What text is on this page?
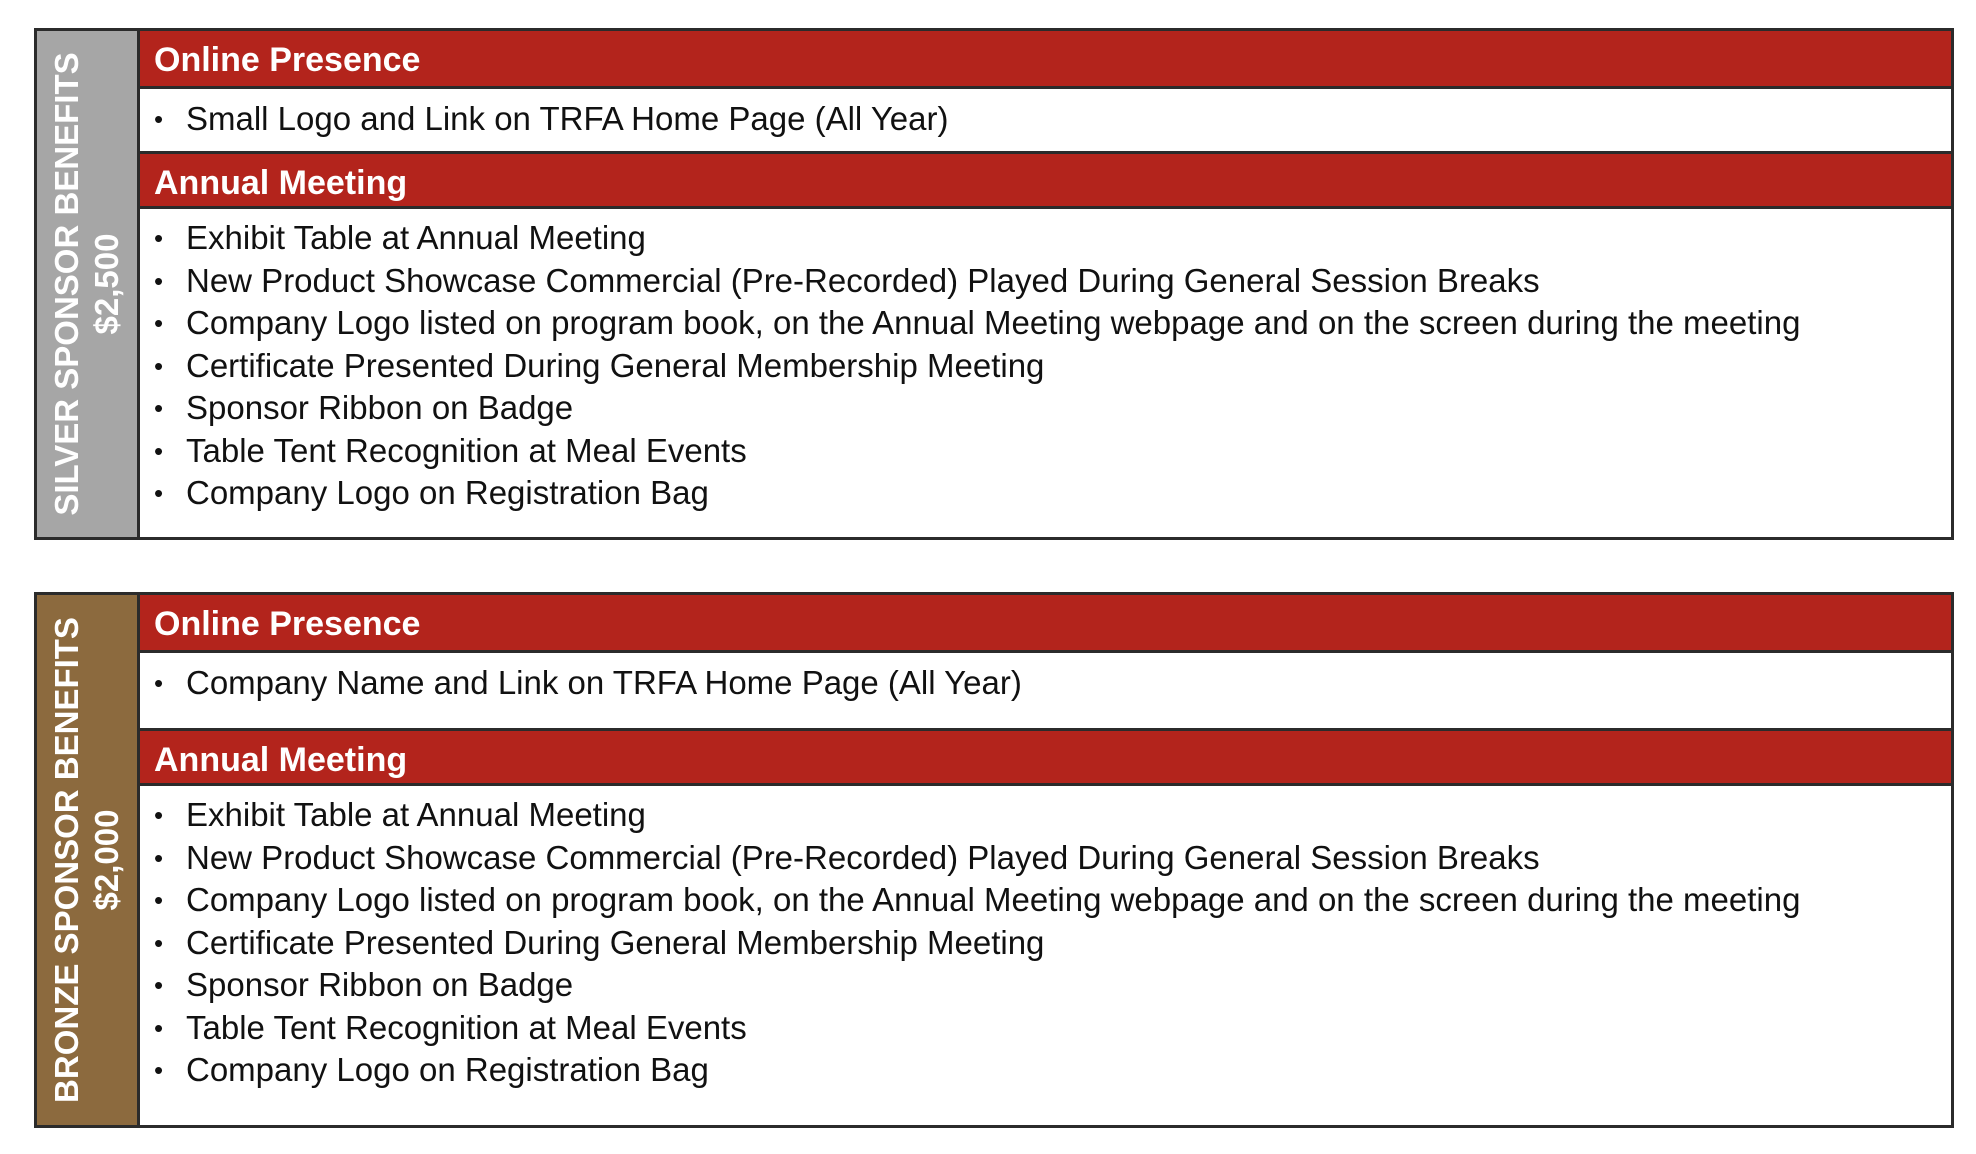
SILVER SPONSOR BENEFITS $2,500
Online Presence
• Small Logo and Link on TRFA Home Page (All Year)
Annual Meeting
• Exhibit Table at Annual Meeting
• New Product Showcase Commercial (Pre-Recorded) Played During General Session Breaks
• Company Logo listed on program book, on the Annual Meeting webpage and on the screen during the meeting
• Certificate Presented During General Membership Meeting
• Sponsor Ribbon on Badge
• Table Tent Recognition at Meal Events
• Company Logo on Registration Bag
BRONZE SPONSOR BENEFITS $2,000
Online Presence
• Company Name and Link on TRFA Home Page (All Year)
Annual Meeting
• Exhibit Table at Annual Meeting
• New Product Showcase Commercial (Pre-Recorded) Played During General Session Breaks
• Company Logo listed on program book, on the Annual Meeting webpage and on the screen during the meeting
• Certificate Presented During General Membership Meeting
• Sponsor Ribbon on Badge
• Table Tent Recognition at Meal Events
• Company Logo on Registration Bag
